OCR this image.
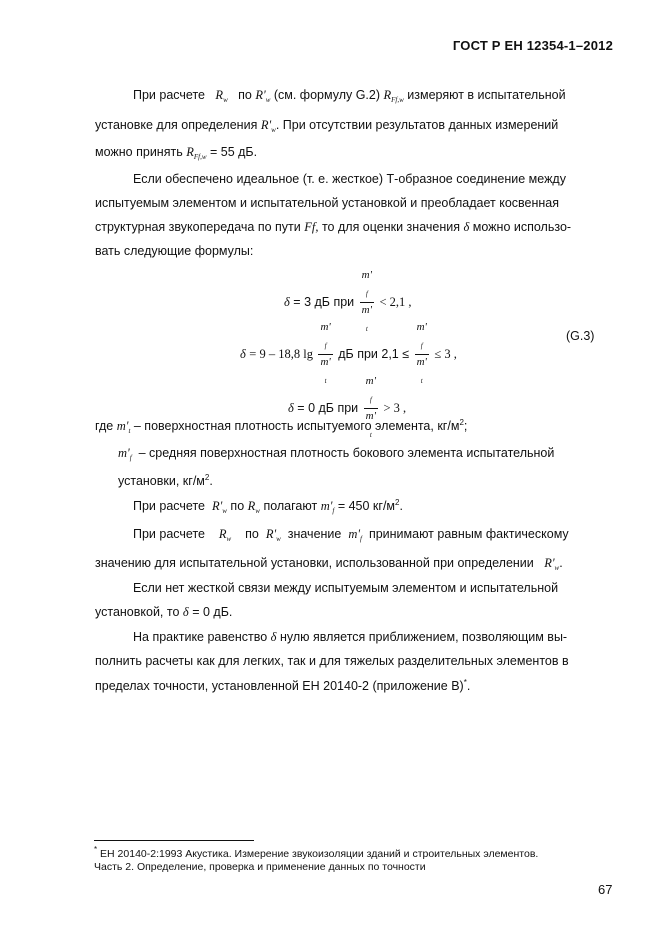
ГОСТ Р ЕН 12354-1–2012
При расчете $R_w$ по $R'_w$ (см. формулу G.2) $R_{Ff,w}$ измеряют в испытательной
установке для определения $R'_w$. При отсутствии результатов данных измерений
можно принять $R_{Ff,w} = 55$ дБ.
Если обеспечено идеальное (т. е. жесткое) Т-образное соединение между
испытуемым элементом и испытательной установкой и преобладает косвенная
структурная звукопередача по пути Ff, то для оценки значения δ можно использо-
вать следующие формулы:
δ = 3 дБ при m'
$_f$
m'
$_t$ < 2,1 ,
δ = 9 – 18,8 lg m'
$_f$
m'
$_t$ дБ при 2,1 ≤ m'
$_f$
m'
$_t$ ≤ 3 ,
(G.3)
δ = 0 дБ при m'
$_f$
m'
$_t$ > 3 ,
где $m'_t$ – поверхностная плотность испытуемого элемента, $кг/м^2$;
$m'_f$ – средняя поверхностная плотность бокового элемента испытательной
установки, $кг/м^2$.
При расчете $R'_w$ по $R_w$ полагают $m'_f = 450$ $кг/м^2$.
При расчете $R_w$ по $R'_w$ значение $m'_f$ принимают равным фактическому
значению для испытательной установки, использованной при определении $R'_w$.
Если нет жесткой связи между испытуемым элементом и испытательной
установкой, то δ = 0 дБ.
На практике равенство δ нулю является приближением, позволяющим вы-
полнить расчеты как для легких, так и для тяжелых разделительных элементов в
пределах точности, установленной ЕН 20140-2 (приложение В)*.
* ЕН 20140-2:1993 Акустика. Измерение звукоизоляции зданий и строительных элементов.
Часть 2. Определение, проверка и применение данных по точности
67
